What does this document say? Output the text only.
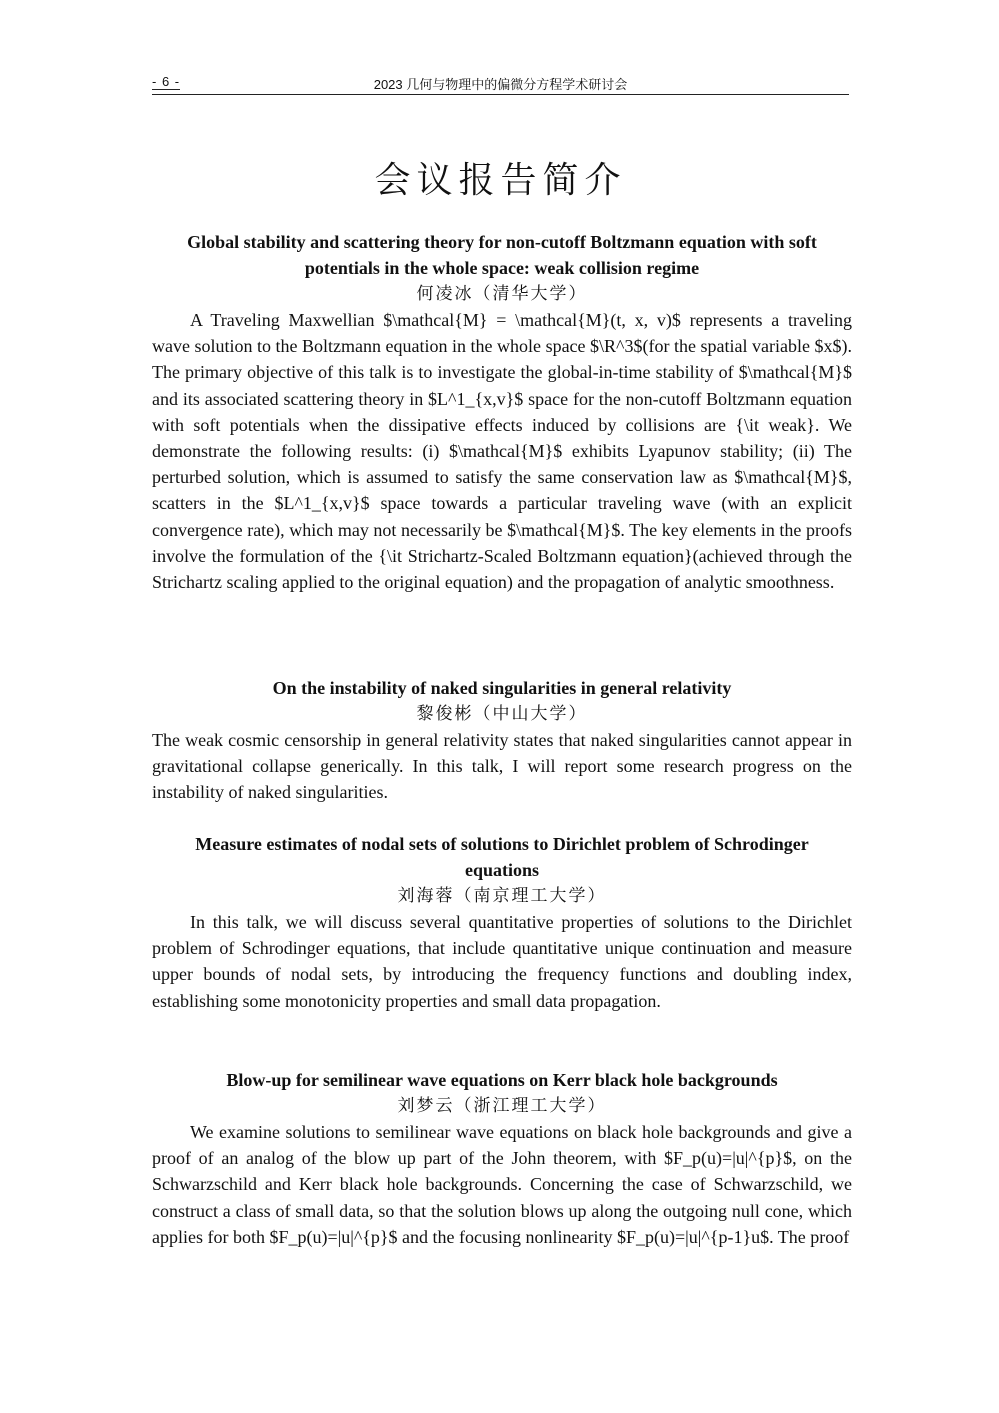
- 6 -	2023 几何与物理中的偏微分方程学术研讨会
会议报告简介

Global stability and scattering theory for non-cutoff Boltzmann equation with soft potentials in the whole space: weak collision regime

何凌冰（清华大学）

A Traveling Maxwellian $\mathcal{M} = \mathcal{M}(t, x, v)$ represents a traveling wave solution to the Boltzmann equation in the whole space $\R^3$(for the spatial variable $x$). The primary objective of this talk is to investigate the global-in-time stability of $\mathcal{M}$ and its associated scattering theory in $L^1_{x,v}$ space for the non-cutoff Boltzmann equation with soft potentials when the dissipative effects induced by collisions are {\it weak}. We demonstrate the following results: (i) $\mathcal{M}$ exhibits Lyapunov stability; (ii) The perturbed solution, which is assumed to satisfy the same conservation law as $\mathcal{M}$, scatters in the $L^1_{x,v}$ space towards a particular traveling wave (with an explicit convergence rate), which may not necessarily be $\mathcal{M}$. The key elements in the proofs involve the formulation of the {\it Strichartz-Scaled Boltzmann equation}(achieved through the Strichartz scaling applied to the original equation) and the propagation of analytic smoothness.

On the instability of naked singularities in general relativity

黎俊彬（中山大学）

The weak cosmic censorship in general relativity states that naked singularities cannot appear in gravitational collapse generically. In this talk, I will report some research progress on the instability of naked singularities.

Measure estimates of nodal sets of solutions to Dirichlet problem of Schrodinger equations

刘海蓉（南京理工大学）

In this talk, we will discuss several quantitative properties of solutions to the Dirichlet problem of Schrodinger equations, that include quantitative unique continuation and measure upper bounds of nodal sets, by introducing the frequency functions and doubling index, establishing some monotonicity properties and small data propagation.

Blow-up for semilinear wave equations on Kerr black hole backgrounds

刘梦云（浙江理工大学）

We examine solutions to semilinear wave equations on black hole backgrounds and give a proof of an analog of the blow up part of the John theorem, with $F_p(u)=|u|^{p}$, on the Schwarzschild and Kerr black hole backgrounds. Concerning the case of Schwarzschild, we construct a class of small data, so that the solution blows up along the outgoing null cone, which applies for both $F_p(u)=|u|^{p}$ and the focusing nonlinearity $F_p(u)=|u|^{p-1}u$. The proof
